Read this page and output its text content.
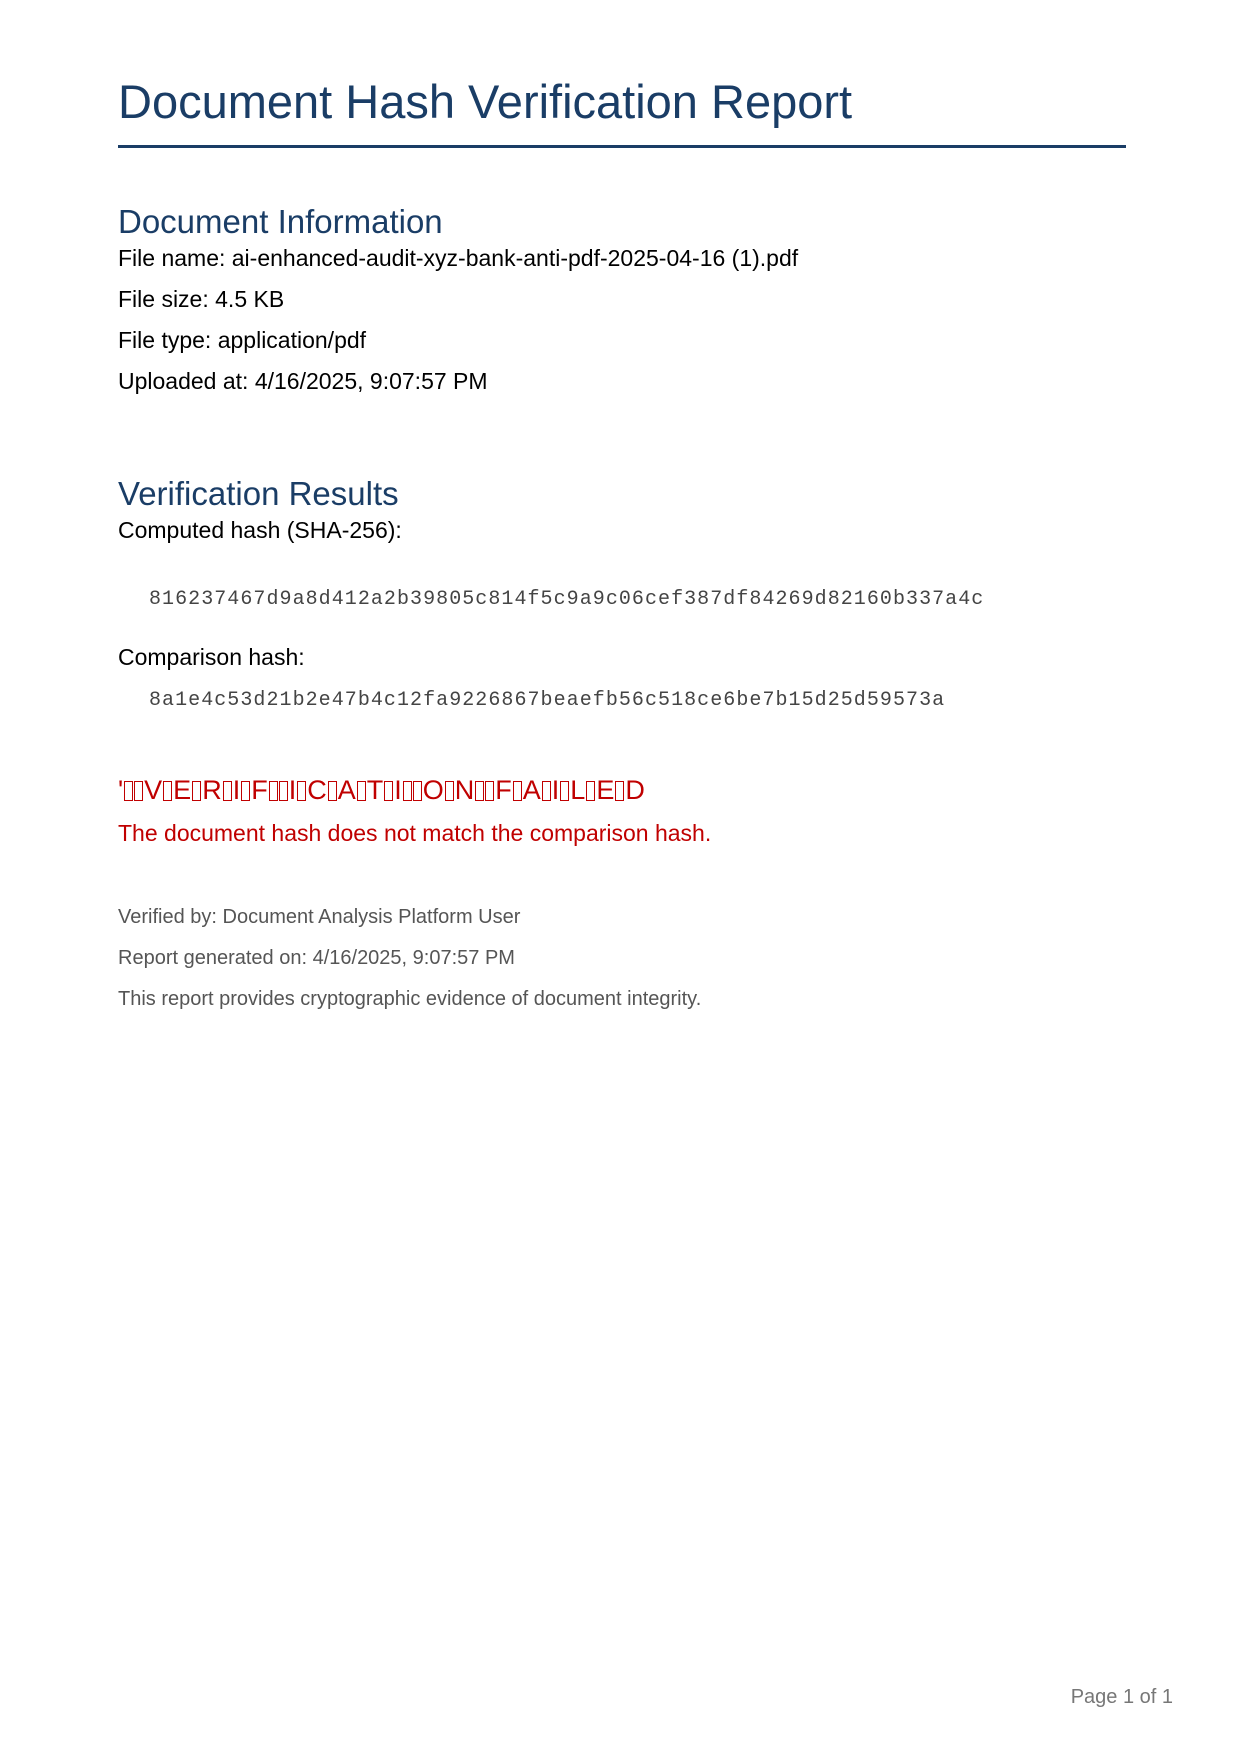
Document Hash Verification Report
Document Information
File name: ai-enhanced-audit-xyz-bank-anti-pdf-2025-04-16 (1).pdf
File size: 4.5 KB
File type: application/pdf
Uploaded at: 4/16/2025, 9:07:57 PM
Verification Results
Computed hash (SHA-256):
816237467d9a8d412a2b39805c814f5c9a9c06cef387df84269d82160b337a4c
Comparison hash:
8a1e4c53d21b2e47b4c12fa9226867beaefb56c518ce6be7b15d25d59573a
' V E R I F I C A T I O N F A I L E D
The document hash does not match the comparison hash.
Verified by: Document Analysis Platform User
Report generated on: 4/16/2025, 9:07:57 PM
This report provides cryptographic evidence of document integrity.
Page 1 of 1
